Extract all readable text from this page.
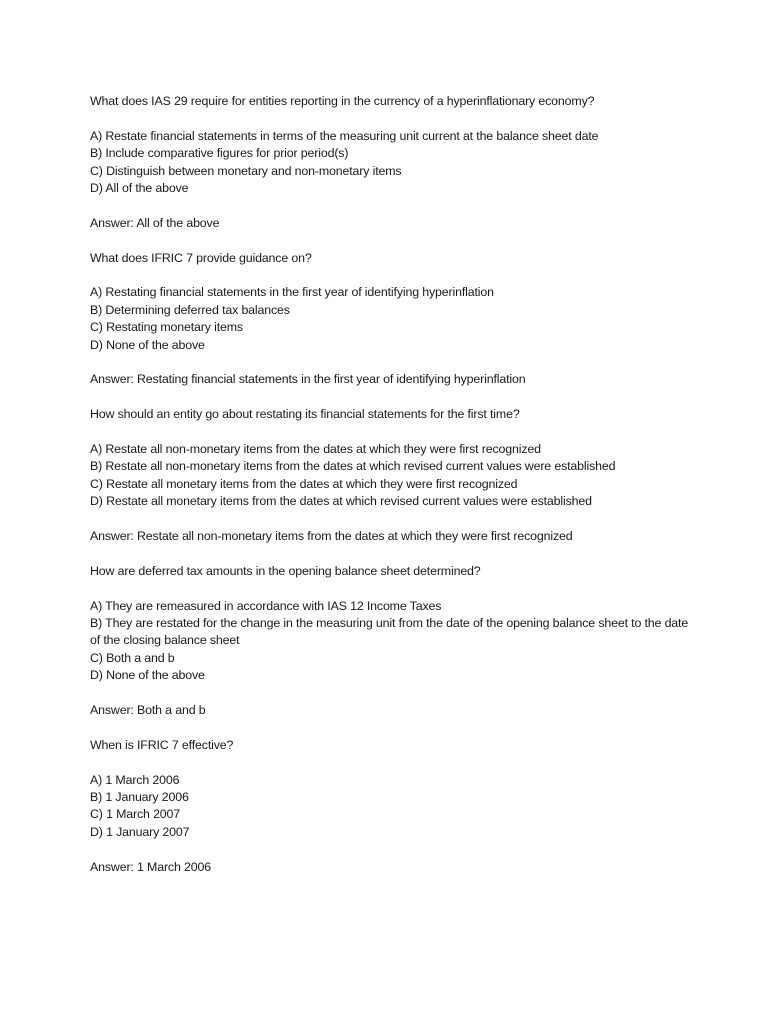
What does IAS 29 require for entities reporting in the currency of a hyperinflationary economy?
A) Restate financial statements in terms of the measuring unit current at the balance sheet date
B) Include comparative figures for prior period(s)
C) Distinguish between monetary and non-monetary items
D) All of the above
Answer: All of the above
What does IFRIC 7 provide guidance on?
A) Restating financial statements in the first year of identifying hyperinflation
B) Determining deferred tax balances
C) Restating monetary items
D) None of the above
Answer: Restating financial statements in the first year of identifying hyperinflation
How should an entity go about restating its financial statements for the first time?
A) Restate all non-monetary items from the dates at which they were first recognized
B) Restate all non-monetary items from the dates at which revised current values were established
C) Restate all monetary items from the dates at which they were first recognized
D) Restate all monetary items from the dates at which revised current values were established
Answer: Restate all non-monetary items from the dates at which they were first recognized
How are deferred tax amounts in the opening balance sheet determined?
A) They are remeasured in accordance with IAS 12 Income Taxes
B) They are restated for the change in the measuring unit from the date of the opening balance sheet to the date of the closing balance sheet
C) Both a and b
D) None of the above
Answer: Both a and b
When is IFRIC 7 effective?
A) 1 March 2006
B) 1 January 2006
C) 1 March 2007
D) 1 January 2007
Answer: 1 March 2006
